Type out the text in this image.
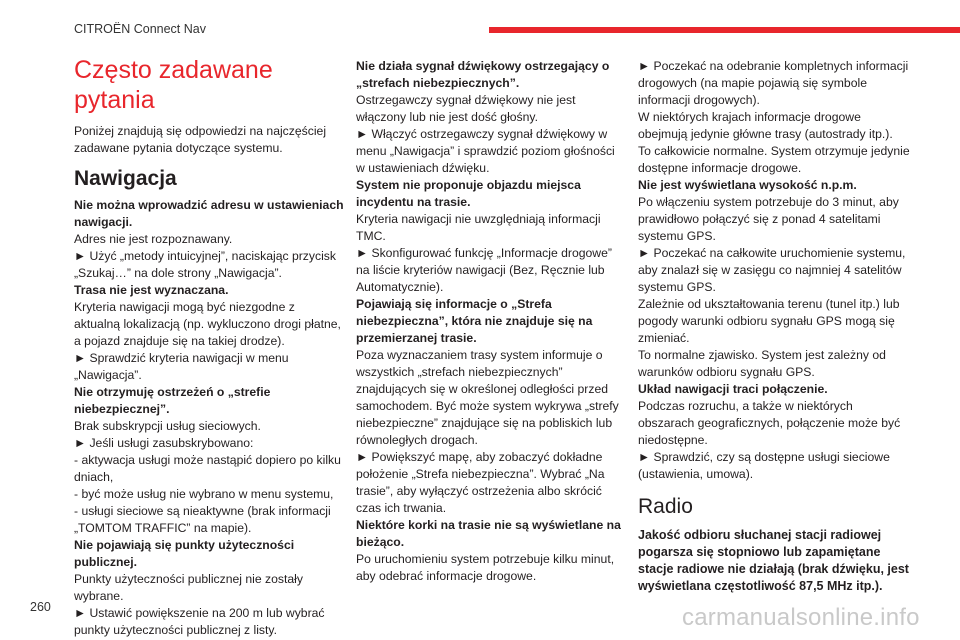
CITROËN Connect Nav
Często zadawane pytania
Poniżej znajdują się odpowiedzi na najczęściej zadawane pytania dotyczące systemu.
Nawigacja
Nie można wprowadzić adresu w ustawieniach nawigacji.
Adres nie jest rozpoznawany.
► Użyć „metody intuicyjnej”, naciskając przycisk „Szukaj…” na dole strony „Nawigacja”.
Trasa nie jest wyznaczana.
Kryteria nawigacji mogą być niezgodne z aktualną lokalizacją (np. wykluczono drogi płatne, a pojazd znajduje się na takiej drodze).
► Sprawdzić kryteria nawigacji w menu „Nawigacja”.
Nie otrzymuję ostrzeżeń o „strefie niebezpiecznej”.
Brak subskrypcji usług sieciowych.
► Jeśli usługi zasubskrybowano:
- aktywacja usługi może nastąpić dopiero po kilku dniach,
- być może usług nie wybrano w menu systemu,
- usługi sieciowe są nieaktywne (brak informacji „TOMTOM TRAFFIC” na mapie).
Nie pojawiają się punkty użyteczności publicznej.
Punkty użyteczności publicznej nie zostały wybrane.
► Ustawić powiększenie na 200 m lub wybrać punkty użyteczności publicznej z listy.
Nie działa sygnał dźwiękowy ostrzegający o „strefach niebezpiecznych”.
Ostrzegawczy sygnał dźwiękowy nie jest włączony lub nie jest dość głośny.
► Włączyć ostrzegawczy sygnał dźwiękowy w menu „Nawigacja” i sprawdzić poziom głośności w ustawieniach dźwięku.
System nie proponuje objazdu miejsca incydentu na trasie.
Kryteria nawigacji nie uwzględniają informacji TMC.
► Skonfigurować funkcję „Informacje drogowe” na liście kryteriów nawigacji (Bez, Ręcznie lub Automatycznie).
Pojawiają się informacje o „Strefa niebezpieczna”, która nie znajduje się na przemierzanej trasie.
Poza wyznaczaniem trasy system informuje o wszystkich „strefach niebezpiecznych” znajdujących się w określonej odległości przed samochodem. Być może system wykrywa „strefy niebezpieczne” znajdujące się na pobliskich lub równoległych drogach.
► Powiększyć mapę, aby zobaczyć dokładne położenie „Strefa niebezpieczna”. Wybrać „Na trasie”, aby wyłączyć ostrzeżenia albo skrócić czas ich trwania.
Niektóre korki na trasie nie są wyświetlane na bieżąco.
Po uruchomieniu system potrzebuje kilku minut, aby odebrać informacje drogowe.
► Poczekać na odebranie kompletnych informacji drogowych (na mapie pojawią się symbole informacji drogowych).
W niektórych krajach informacje drogowe obejmują jedynie główne trasy (autostrady itp.).
To całkowicie normalne. System otrzymuje jedynie dostępne informacje drogowe.
Nie jest wyświetlana wysokość n.p.m.
Po włączeniu system potrzebuje do 3 minut, aby prawidłowo połączyć się z ponad 4 satelitami systemu GPS.
► Poczekać na całkowite uruchomienie systemu, aby znalazł się w zasięgu co najmniej 4 satelitów systemu GPS.
Zależnie od ukształtowania terenu (tunel itp.) lub pogody warunki odbioru sygnału GPS mogą się zmieniać.
To normalne zjawisko. System jest zależny od warunków odbioru sygnału GPS.
Układ nawigacji traci połączenie.
Podczas rozruchu, a także w niektórych obszarach geograficznych, połączenie może być niedostępne.
► Sprawdzić, czy są dostępne usługi sieciowe (ustawienia, umowa).
Radio
Jakość odbioru słuchanej stacji radiowej pogarsza się stopniowo lub zapamiętane stacje radiowe nie działają (brak dźwięku, jest wyświetlana częstotliwość 87,5 MHz itp.).
260	carmanualsonline.info
